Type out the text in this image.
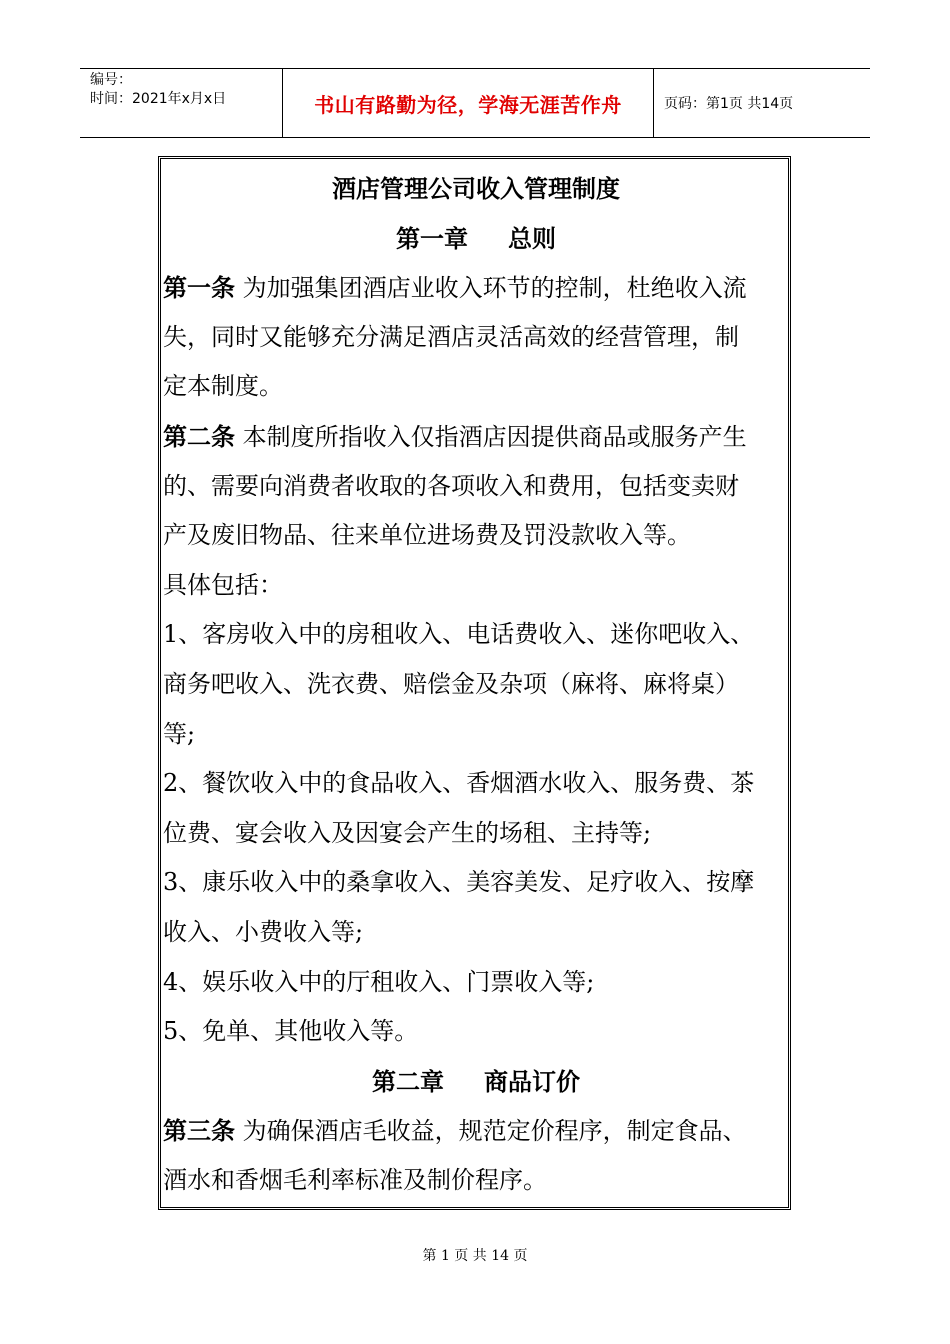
编号：
时间：2021年x月x日	书山有路勤为径，学海无涯苦作舟	页码：第1页 共14页
酒店管理公司收入管理制度
第一章 总则
第一条 为加强集团酒店业收入环节的控制，杜绝收入流
失，同时又能够充分满足酒店灵活高效的经营管理，制
定本制度。
第二条 本制度所指收入仅指酒店因提供商品或服务产生
的、需要向消费者收取的各项收入和费用，包括变卖财
产及废旧物品、往来单位进场费及罚没款收入等。
具体包括：
1、客房收入中的房租收入、电话费收入、迷你吧收入、
商务吧收入、洗衣费、赔偿金及杂项（麻将、麻将桌）
等;
2、餐饮收入中的食品收入、香烟酒水收入、服务费、茶
位费、宴会收入及因宴会产生的场租、主持等;
3、康乐收入中的桑拿收入、美容美发、足疗收入、按摩
收入、小费收入等;
4、娱乐收入中的厅租收入、门票收入等;
5、免单、其他收入等。
第二章 商品订价
第三条 为确保酒店毛收益，规范定价程序，制定食品、
酒水和香烟毛利率标准及制价程序。
第 1 页 共 14 页
